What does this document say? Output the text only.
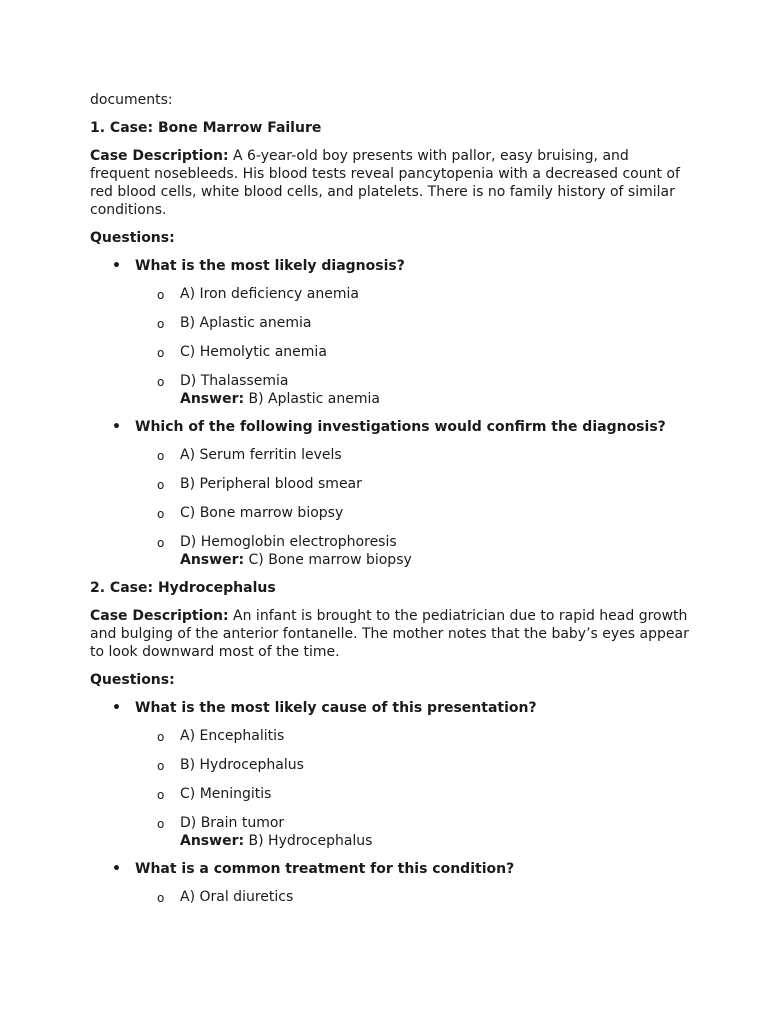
documents:

1. Case: Bone Marrow Failure

Case Description: A 6-year-old boy presents with pallor, easy bruising, and frequent nosebleeds. His blood tests reveal pancytopenia with a decreased count of red blood cells, white blood cells, and platelets. There is no family history of similar conditions.

Questions:

• What is the most likely diagnosis?
o A) Iron deficiency anemia
o B) Aplastic anemia
o C) Hemolytic anemia
o D) Thalassemia
Answer: B) Aplastic anemia
• Which of the following investigations would confirm the diagnosis?
o A) Serum ferritin levels
o B) Peripheral blood smear
o C) Bone marrow biopsy
o D) Hemoglobin electrophoresis
Answer: C) Bone marrow biopsy

2. Case: Hydrocephalus

Case Description: An infant is brought to the pediatrician due to rapid head growth and bulging of the anterior fontanelle. The mother notes that the baby’s eyes appear to look downward most of the time.

Questions:

• What is the most likely cause of this presentation?
o A) Encephalitis
o B) Hydrocephalus
o C) Meningitis
o D) Brain tumor
Answer: B) Hydrocephalus
• What is a common treatment for this condition?
o A) Oral diuretics
